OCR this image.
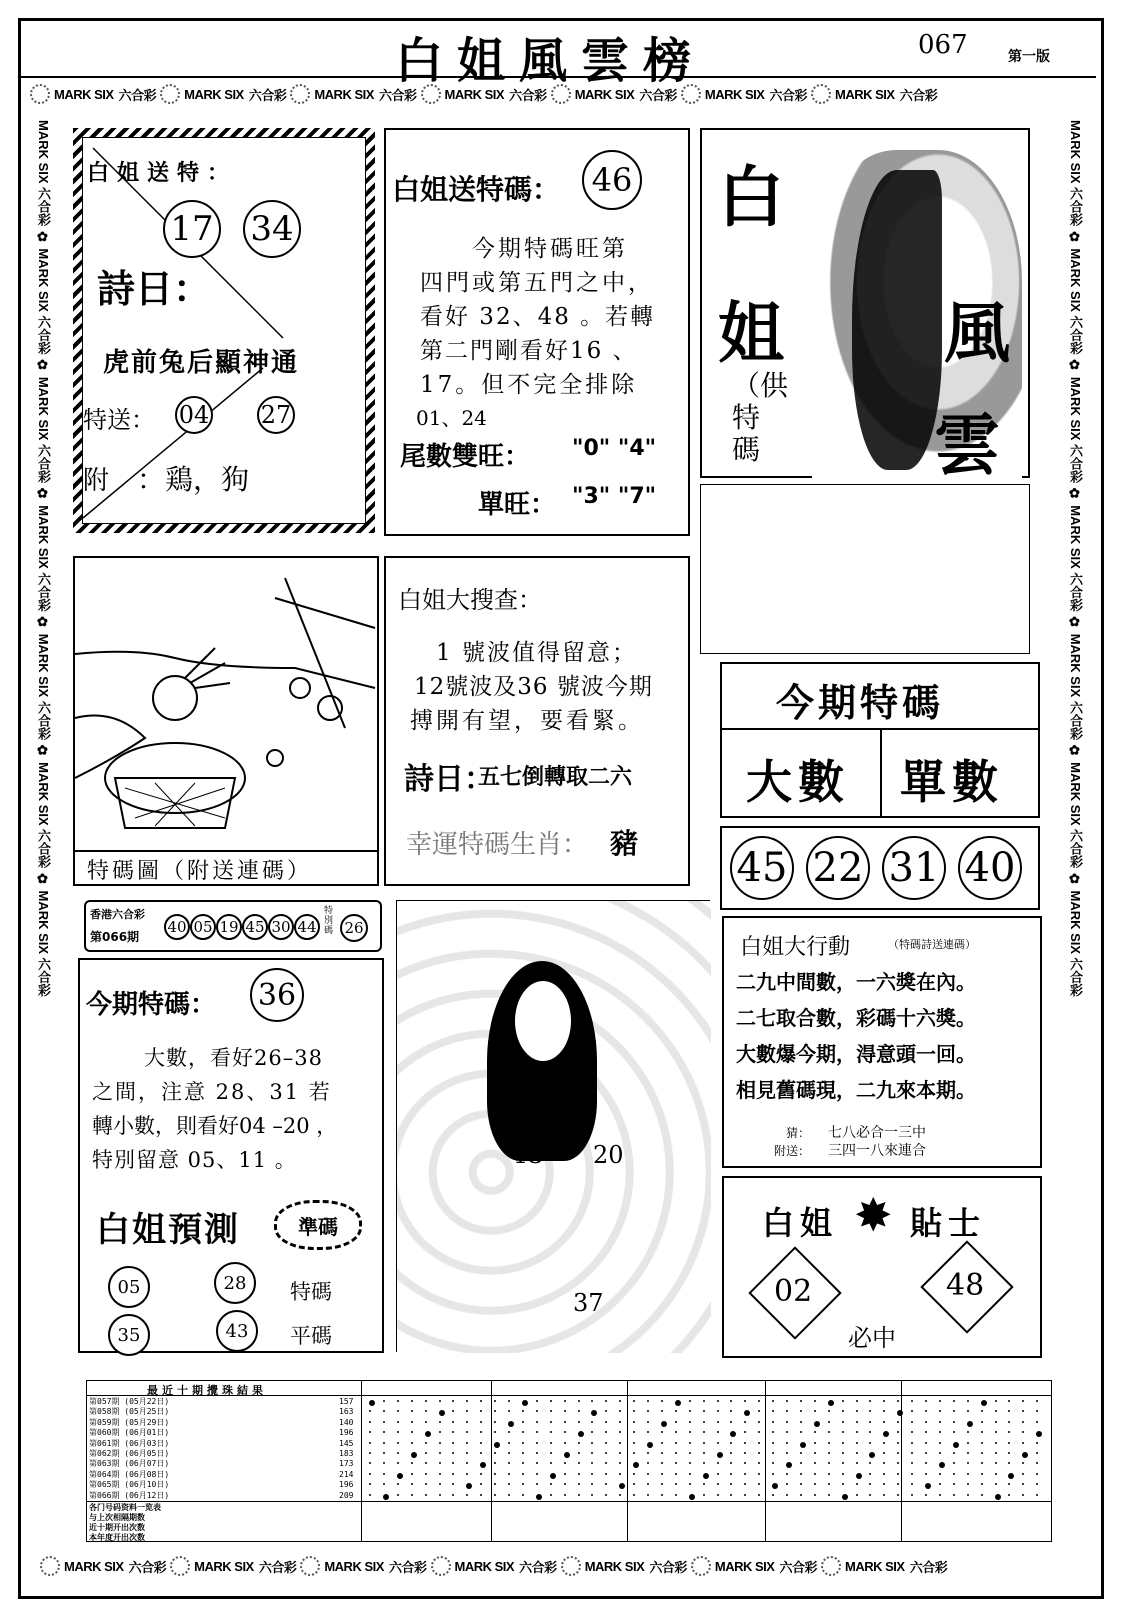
白姐風雲榜	067	第一版
MARK SIX
六合彩 MARK SIX
六合彩 MARK SIX
六合彩 MARK SIX
六合彩 MARK SIX
六合彩 MARK SIX
六合彩 MARK SIX
六合彩
MARK SIX
六合彩 MARK SIX
六合彩 MARK SIX
六合彩 MARK SIX
六合彩 MARK SIX
六合彩 MARK SIX
六合彩 MARK SIX
六合彩
MARK SIX 六合彩 ✿ MARK SIX 六合彩 ✿ MARK SIX 六合彩 ✿ MARK SIX 六合彩 ✿ MARK SIX 六合彩 ✿ MARK SIX 六合彩 ✿ MARK SIX 六合彩
MARK SIX 六合彩 ✿ MARK SIX 六合彩 ✿ MARK SIX 六合彩 ✿ MARK SIX 六合彩 ✿ MARK SIX 六合彩 ✿ MARK SIX 六合彩 ✿ MARK SIX 六合彩
白姐送特：
17 34
詩日：
虎前兔后顯神通
特送： 04 27
附 ：鶏，狗
白姐送特碼： 46
今期特碼旺第
四門或第五門之中，
看好 32、48 。若轉
第二門剛看好16 、
17。但不完全排除
01、24
尾數雙旺： "0" "4"
單旺： "3" "7"
白
姐 風
雲
（供特碼
特碼圖（附送連碼）
白姐大搜查：
1 號波值得留意；
12號波及36 號波今期
搏開有望，要看緊。
詩日：
五七倒轉取二六
幸運特碼生肖： 豬
今期特碼
大數 單數
45 22 31 40
香港六合彩
第066期
40 05 19 45 30 44
特別碼 26
今期特碼： 36
大數，看好26–38
之間，注意 28、31 若
轉小數，則看好04 –20 ，
特別留意 05、11 。
白姐預測	準碼
05	28 特碼
35	43 平碼
13 20
37
白姐大行動	（特碼詩送連碼）
二九中間數，一六獎在內。
二七取合數，彩碼十六獎。
大數爆今期，淂意頭一回。
相見舊碼現，二九來本期。
猜： 七八必合一三中
附送： 三四一八來連合
白姐 ✸ 貼士
02	48
必中
最近十期攪珠結果
第057期 (05月22日)	157
第058期 (05月25日)	163
第059期 (05月29日)	140
第060期 (06月01日)	196
第061期 (06月03日)	145
第062期 (06月05日)	183
第063期 (06月07日)	173
第064期 (06月08日)	214
第065期 (06月10日)	196
第066期 (06月12日)	209
各门号码资料一览表
与上次相隔期数
近十期开出次数
本年度开出次数
